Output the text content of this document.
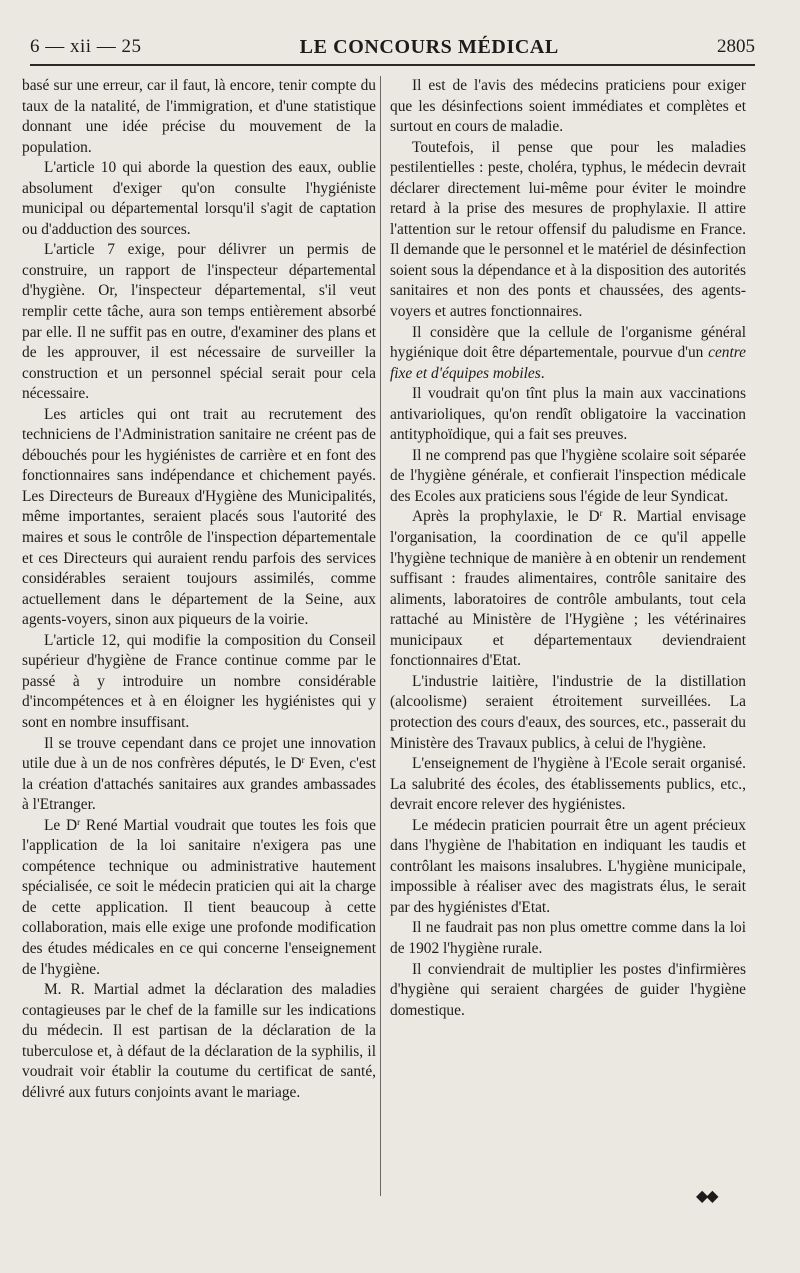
6 — xii — 25	LE CONCOURS MÉDICAL	2805

basé sur une erreur, car il faut, là encore, tenir compte du taux de la natalité, de l'immigration, et d'une statistique donnant une idée précise du mouvement de la population.

L'article 10 qui aborde la question des eaux, oublie absolument d'exiger qu'on consulte l'hygiéniste municipal ou départemental lorsqu'il s'agit de captation ou d'adduction des sources.

L'article 7 exige, pour délivrer un permis de construire, un rapport de l'inspecteur départemental d'hygiène. Or, l'inspecteur départemental, s'il veut remplir cette tâche, aura son temps entièrement absorbé par elle. Il ne suffit pas en outre, d'examiner des plans et de les approuver, il est nécessaire de surveiller la construction et un personnel spécial serait pour cela nécessaire.

Les articles qui ont trait au recrutement des techniciens de l'Administration sanitaire ne créent pas de débouchés pour les hygiénistes de carrière et en font des fonctionnaires sans indépendance et chichement payés. Les Directeurs de Bureaux d'Hygiène des Municipalités, même importantes, seraient placés sous l'autorité des maires et sous le contrôle de l'inspection départementale et ces Directeurs qui auraient rendu parfois des services considérables seraient toujours assimilés, comme actuellement dans le département de la Seine, aux agents-voyers, sinon aux piqueurs de la voirie.

L'article 12, qui modifie la composition du Conseil supérieur d'hygiène de France continue comme par le passé à y introduire un nombre considérable d'incompétences et à en éloigner les hygiénistes qui y sont en nombre insuffisant.

Il se trouve cependant dans ce projet une innovation utile due à un de nos confrères députés, le $D^r$ Even, c'est la création d'attachés sanitaires aux grandes ambassades à l'Etranger.

Le $D^r$ René Martial voudrait que toutes les fois que l'application de la loi sanitaire n'exigera pas une compétence technique ou administrative hautement spécialisée, ce soit le médecin praticien qui ait la charge de cette application. Il tient beaucoup à cette collaboration, mais elle exige une profonde modification des études médicales en ce qui concerne l'enseignement de l'hygiène.

M. R. Martial admet la déclaration des maladies contagieuses par le chef de la famille sur les indications du médecin. Il est partisan de la déclaration de la tuberculose et, à défaut de la déclaration de la syphilis, il voudrait voir établir la coutume du certificat de santé, délivré aux futurs conjoints avant le mariage.

Il est de l'avis des médecins praticiens pour exiger que les désinfections soient immédiates et complètes et surtout en cours de maladie.

Toutefois, il pense que pour les maladies pestilentielles : peste, choléra, typhus, le médecin devrait déclarer directement lui-même pour éviter le moindre retard à la prise des mesures de prophylaxie. Il attire l'attention sur le retour offensif du paludisme en France. Il demande que le personnel et le matériel de désinfection soient sous la dépendance et à la disposition des autorités sanitaires et non des ponts et chaussées, des agents-voyers et autres fonctionnaires.

Il considère que la cellule de l'organisme général hygiénique doit être départementale, pourvue d'un centre fixe et d'équipes mobiles.

Il voudrait qu'on tînt plus la main aux vaccinations antivarioliques, qu'on rendît obligatoire la vaccination antityphoïdique, qui a fait ses preuves.

Il ne comprend pas que l'hygiène scolaire soit séparée de l'hygiène générale, et confierait l'inspection médicale des Ecoles aux praticiens sous l'égide de leur Syndicat.

Après la prophylaxie, le $D^r$ R. Martial envisage l'organisation, la coordination de ce qu'il appelle l'hygiène technique de manière à en obtenir un rendement suffisant : fraudes alimentaires, contrôle sanitaire des aliments, laboratoires de contrôle ambulants, tout cela rattaché au Ministère de l'Hygiène ; les vétérinaires municipaux et départementaux deviendraient fonctionnaires d'Etat.

L'industrie laitière, l'industrie de la distillation (alcoolisme) seraient étroitement surveillées. La protection des cours d'eaux, des sources, etc., passerait du Ministère des Travaux publics, à celui de l'hygiène.

L'enseignement de l'hygiène à l'Ecole serait organisé. La salubrité des écoles, des établissements publics, etc., devrait encore relever des hygiénistes.

Le médecin praticien pourrait être un agent précieux dans l'hygiène de l'habitation en indiquant les taudis et contrôlant les maisons insalubres. L'hygiène municipale, impossible à réaliser avec des magistrats élus, le serait par des hygiénistes d'Etat.

Il ne faudrait pas non plus omettre comme dans la loi de 1902 l'hygiène rurale.

Il conviendrait de multiplier les postes d'infirmières d'hygiène qui seraient chargées de guider l'hygiène domestique.

◆◆
